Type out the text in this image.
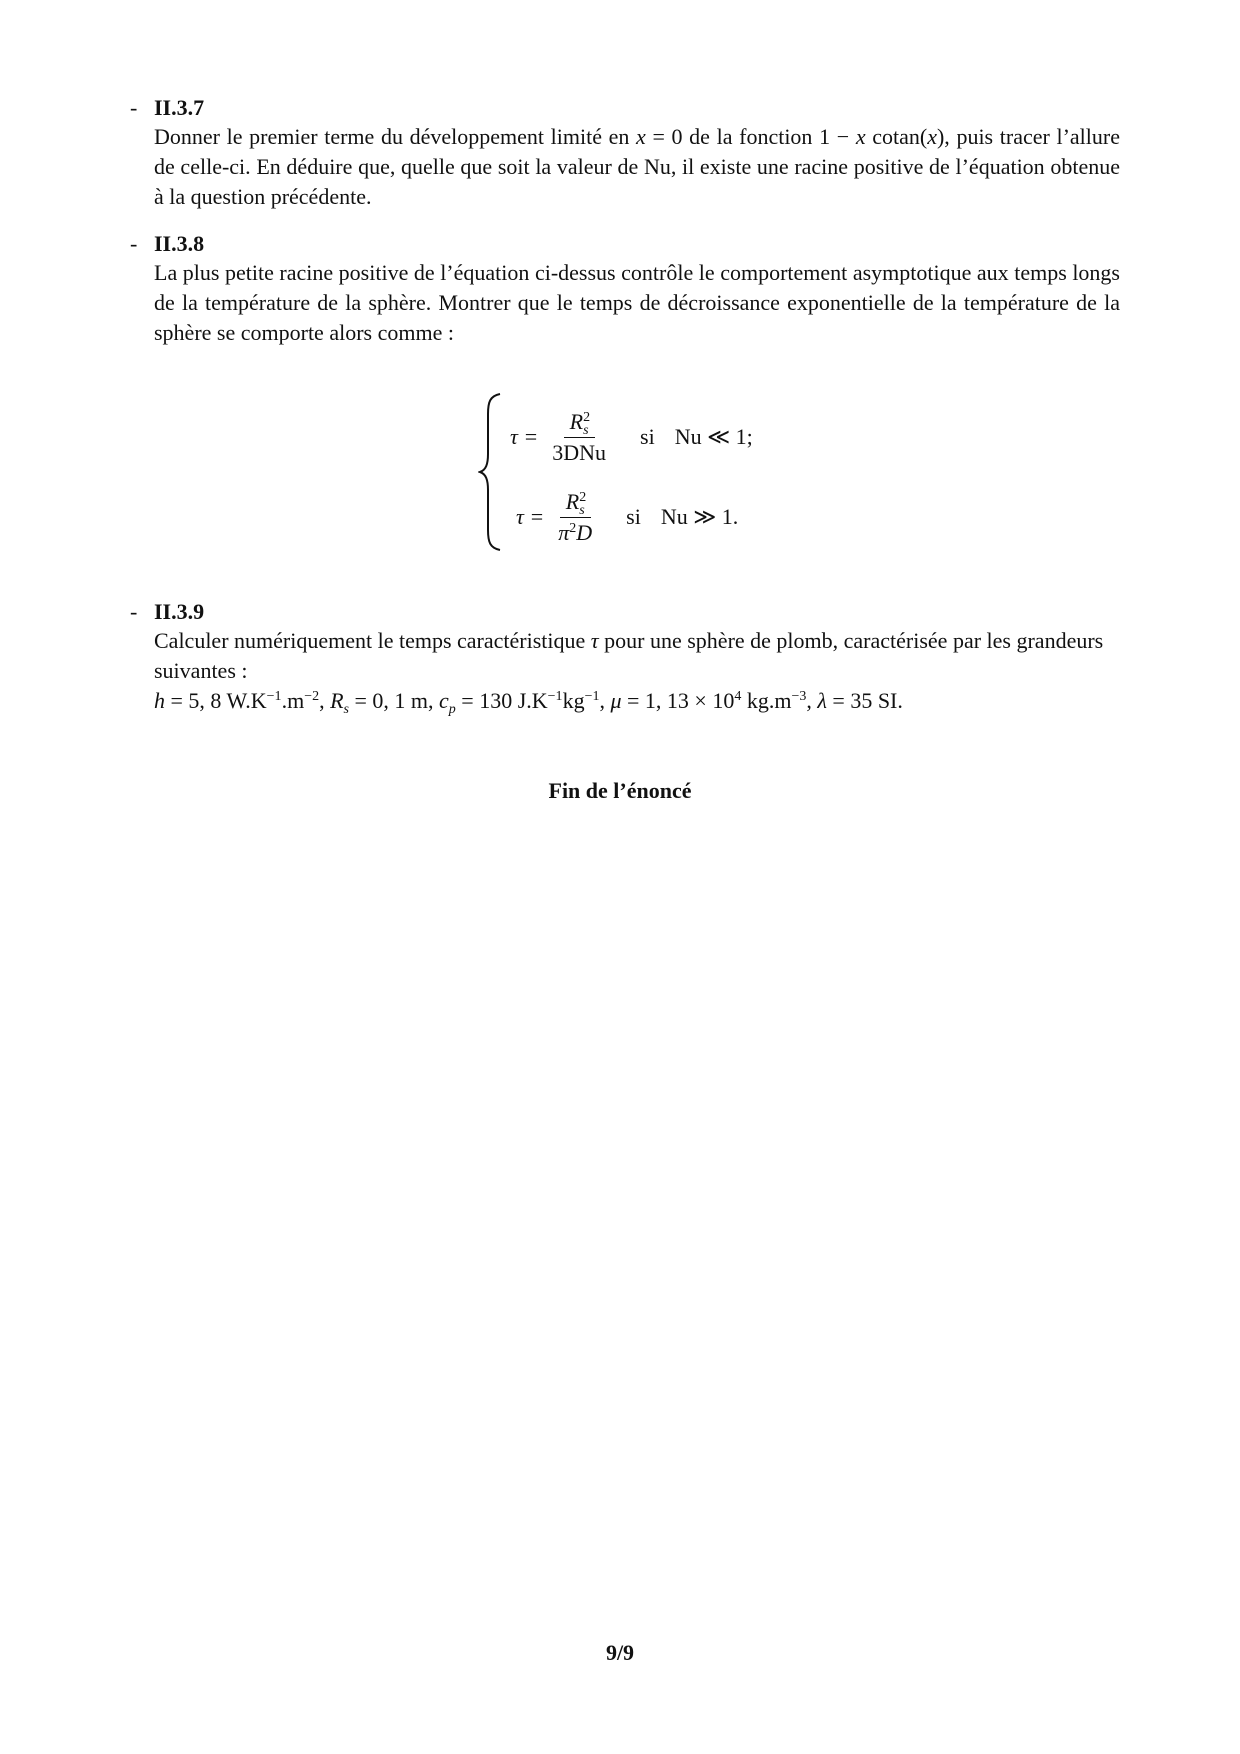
- II.3.7

Donner le premier terme du développement limité en x = 0 de la fonction 1 − x cotan(x), puis tracer l’allure de celle-ci. En déduire que, quelle que soit la valeur de Nu, il existe une racine positive de l’équation obtenue à la question précédente.

- II.3.8

La plus petite racine positive de l’équation ci-dessus contrôle le comportement asymptotique aux temps longs de la température de la sphère. Montrer que le temps de décroissance exponentielle de la température de la sphère se comporte alors comme :

$\tau = \frac{R^2_s}{\text{3DNu}}$ si Nu ≪ 1;
$\tau = \frac{R^2_s}{\pi^2D}$ si Nu ≫ 1.
- II.3.9

Calculer numériquement le temps caractéristique τ pour une sphère de plomb, caractérisée par les grandeurs suivantes :

h = 5, 8 $W.K^{-1}.m^{-2}$, $R_s = 0$, 1 m, $c_p = 130$ $J.K^{-1}kg^{-1}$, μ = 1, $13 \times 10^4$ $kg.m^{-3}$, λ = 35 SI.

Fin de l’énoncé
9/9
